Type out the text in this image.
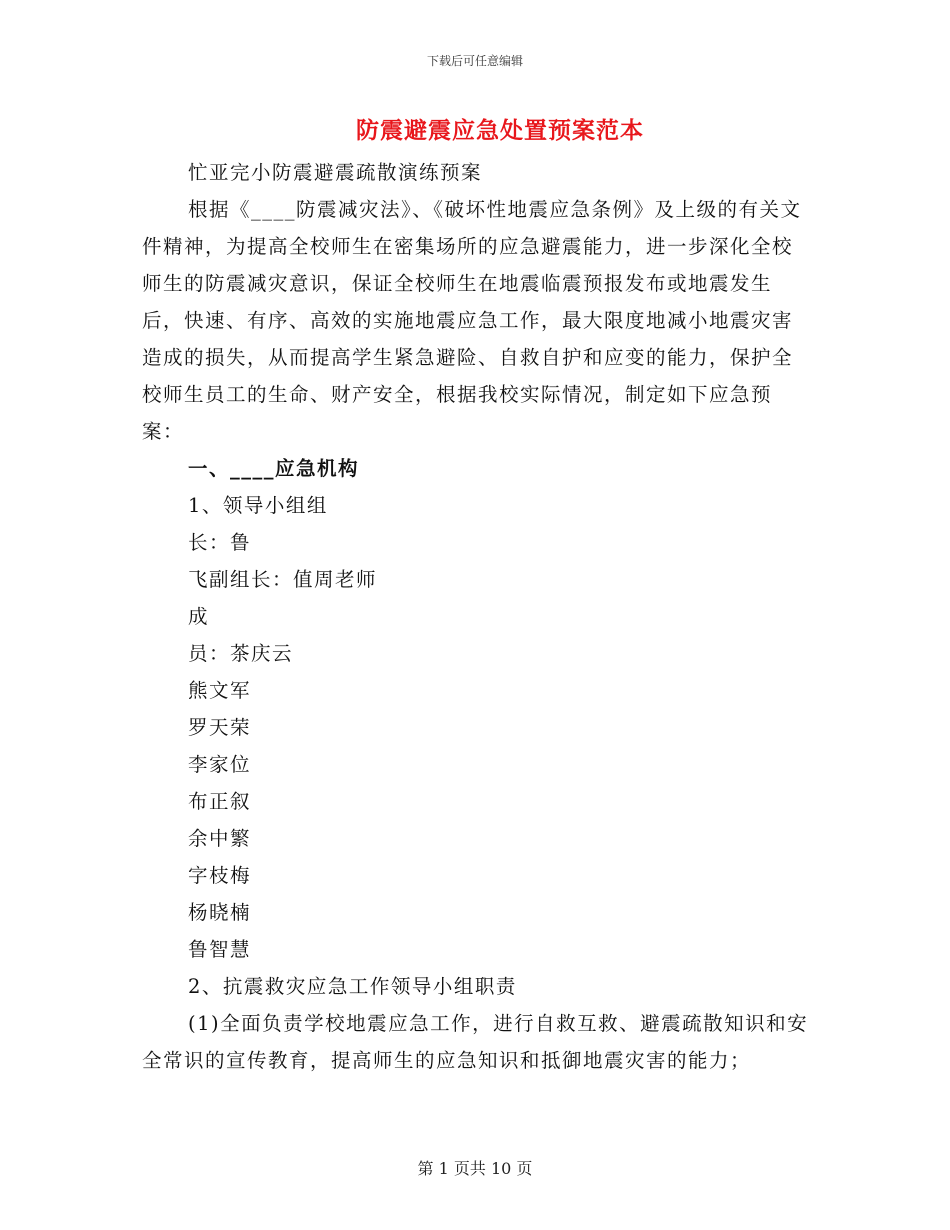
下载后可任意编辑
防震避震应急处置预案范本
忙亚完小防震避震疏散演练预案

根据《____防震减灾法》、《破坏性地震应急条例》及上级的有关文件精神，为提高全校师生在密集场所的应急避震能力，进一步深化全校师生的防震减灾意识，保证全校师生在地震临震预报发布或地震发生后，快速、有序、高效的实施地震应急工作，最大限度地减小地震灾害造成的损失，从而提高学生紧急避险、自救自护和应变的能力，保护全校师生员工的生命、财产安全，根据我校实际情况，制定如下应急预案：

一、____应急机构
1、领导小组组
长：鲁
飞副组长：值周老师
成
员：茶庆云
熊文军
罗天荣
李家位
布正叙
余中繁
字枝梅
杨晓楠
鲁智慧
2、抗震救灾应急工作领导小组职责

(1)全面负责学校地震应急工作，进行自救互救、避震疏散知识和安全常识的宣传教育，提高师生的应急知识和抵御地震灾害的能力；

第 1 页共 10 页
